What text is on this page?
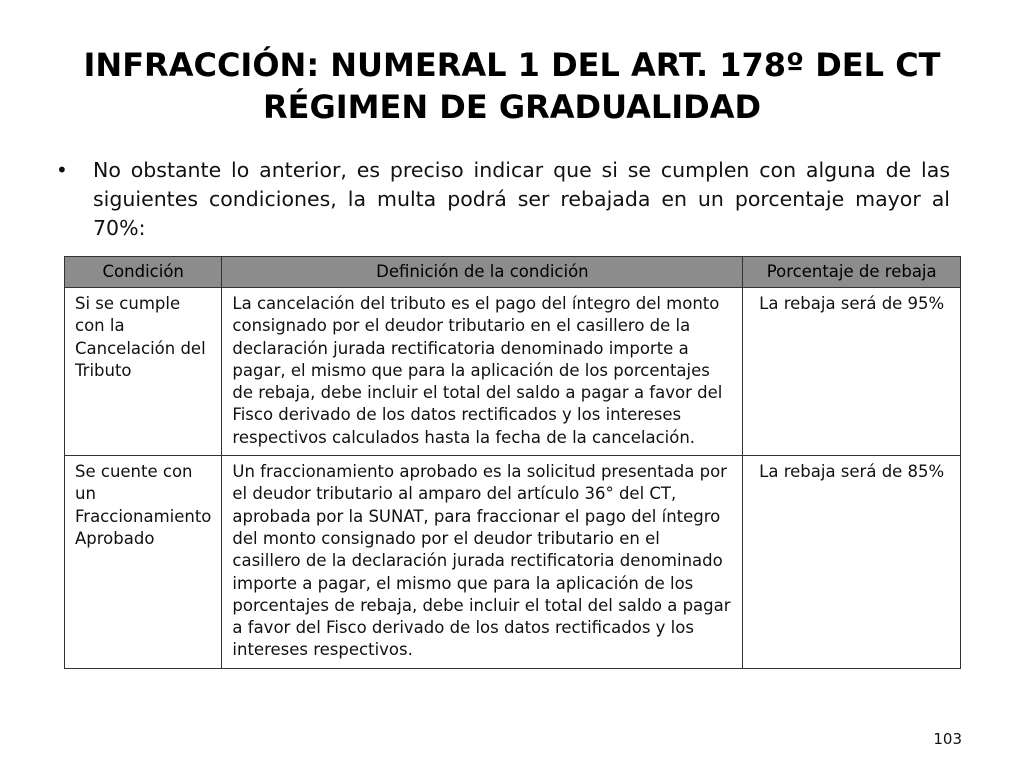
INFRACCIÓN: NUMERAL 1 DEL ART. 178º DEL CT
RÉGIMEN DE GRADUALIDAD
• No obstante lo anterior, es preciso indicar que si se cumplen con alguna de las siguientes condiciones, la multa podrá ser rebajada en un porcentaje mayor al 70%:
Condición	Definición de la condición	Porcentaje de rebaja
Si se cumple con la Cancelación del Tributo	La cancelación del tributo es el pago del íntegro del monto consignado por el deudor tributario en el casillero de la declaración jurada rectificatoria denominado importe a pagar, el mismo que para la aplicación de los porcentajes de rebaja, debe incluir el total del saldo a pagar a favor del Fisco derivado de los datos rectificados y los intereses respectivos calculados hasta la fecha de la cancelación.	La rebaja será de 95%
Se cuente con un Fraccionamiento Aprobado	Un fraccionamiento aprobado es la solicitud presentada por el deudor tributario al amparo del artículo 36° del CT, aprobada por la SUNAT, para fraccionar el pago del íntegro del monto consignado por el deudor tributario en el casillero de la declaración jurada rectificatoria denominado importe a pagar, el mismo que para la aplicación de los porcentajes de rebaja, debe incluir el total del saldo a pagar a favor del Fisco derivado de los datos rectificados y los intereses respectivos.	La rebaja será de 85%
103
